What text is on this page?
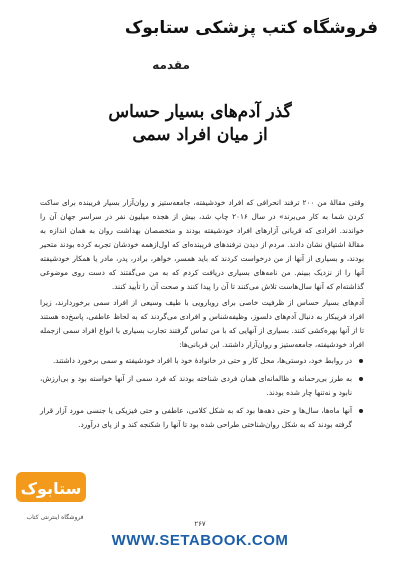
فروشگاه کتب پزشکی ستابوک
مقدمه
گذر آدم‌های بسیار حساس
از میان افراد سمی

وقتی مقالهٔ من ۲۰۰ ترفند انحرافی که افراد خودشیفته، جامعه‌ستیز و روان‌آزار بسیار فریبنده برای ساکت کردن شما به کار می‌برند» در سال ۲۰۱۶ چاپ شد، بیش از هجده میلیون نفر در سراسر جهان آن را خواندند. افرادی که قربانی آزارهای افراد خودشیفته بودند و متخصصان بهداشت روان به همان اندازه به مقالهٔ اشتیاق نشان دادند. مردم از دیدن ترفندهای فریبنده‌ای که اول‌ازهمه خودشان تجربه کرده بودند متحیر بودند، و بسیاری از آنها از من درخواست کردند که باید همسر، خواهر، برادر، پدر، مادر یا همکار خودشیفته آنها را از نزدیک ببینم. من نامه‌های بسیاری دریافت کردم که به من می‌گفتند که دست روی موضوعی گذاشته‌ام که آنها سال‌هاست تلاش می‌کنند تا آن را پیدا کنند و صحت آن را تأیید کنند.

آدم‌های بسیار حساس از ظرفیت خاصی برای رویارویی با طیف وسیعی از افراد سمی برخوردارند، زیرا افراد فریبکار به دنبال آدم‌های دلسوز، وظیفه‌شناس و افرادی می‌گردند که به لحاظ عاطفی، پاسخ‌ده هستند تا از آنها بهره‌کشی کنند. بسیاری از آنهایی که با من تماس گرفتند تجارب بسیاری با انواع افراد سمی ازجمله افراد خودشیفته، جامعه‌ستیز و روان‌آزار داشتند. این قربانی‌ها:

در روابط خود، دوستی‌ها، محل کار و حتی در خانوادهٔ خود با افراد خودشیفته و سمی برخورد داشتند.
به طرز بی‌رحمانه و ظالمانه‌ای همان فردی شناخته بودند که فرد سمی از آنها خواسته بود و بی‌ارزش، نابود و نه‌تنها چار شده بودند.
آنها ماه‌ها، سال‌ها و حتی دهه‌ها بود که به شکل کلامی، عاطفی و حتی فیزیکی یا جنسی مورد آزار قرار گرفته بودند که به شکل روان‌شناختی طراحی شده بود تا آنها را شکنجه کند و از پای درآورد.
ستابوک
فروشگاه اینترنتی کتاب
۲۶۷
WWW.SETABOOK.COM
